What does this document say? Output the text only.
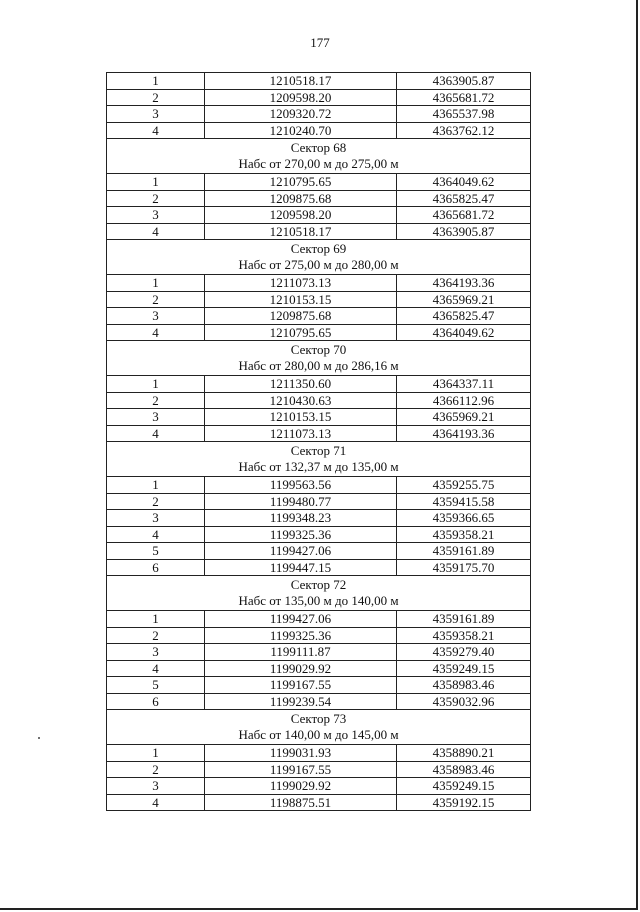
177
1	1210518.17	4363905.87
2	1209598.20	4365681.72
3	1209320.72	4365537.98
4	1210240.70	4363762.12

Сектор 68
Набс от 270,00 м до 275,00 м		

1	1210795.65	4364049.62
2	1209875.68	4365825.47
3	1209598.20	4365681.72
4	1210518.17	4363905.87

Сектор 69
Набс от 275,00 м до 280,00 м		

1	1211073.13	4364193.36
2	1210153.15	4365969.21
3	1209875.68	4365825.47
4	1210795.65	4364049.62

Сектор 70
Набс от 280,00 м до 286,16 м		

1	1211350.60	4364337.11
2	1210430.63	4366112.96
3	1210153.15	4365969.21
4	1211073.13	4364193.36

Сектор 71
Набс от 132,37 м до 135,00 м		

1	1199563.56	4359255.75
2	1199480.77	4359415.58
3	1199348.23	4359366.65
4	1199325.36	4359358.21
5	1199427.06	4359161.89
6	1199447.15	4359175.70

Сектор 72
Набс от 135,00 м до 140,00 м		

1	1199427.06	4359161.89
2	1199325.36	4359358.21
3	1199111.87	4359279.40
4	1199029.92	4359249.15
5	1199167.55	4358983.46
6	1199239.54	4359032.96

Сектор 73
Набс от 140,00 м до 145,00 м		

1	1199031.93	4358890.21
2	1199167.55	4358983.46
3	1199029.92	4359249.15
4	1198875.51	4359192.15
